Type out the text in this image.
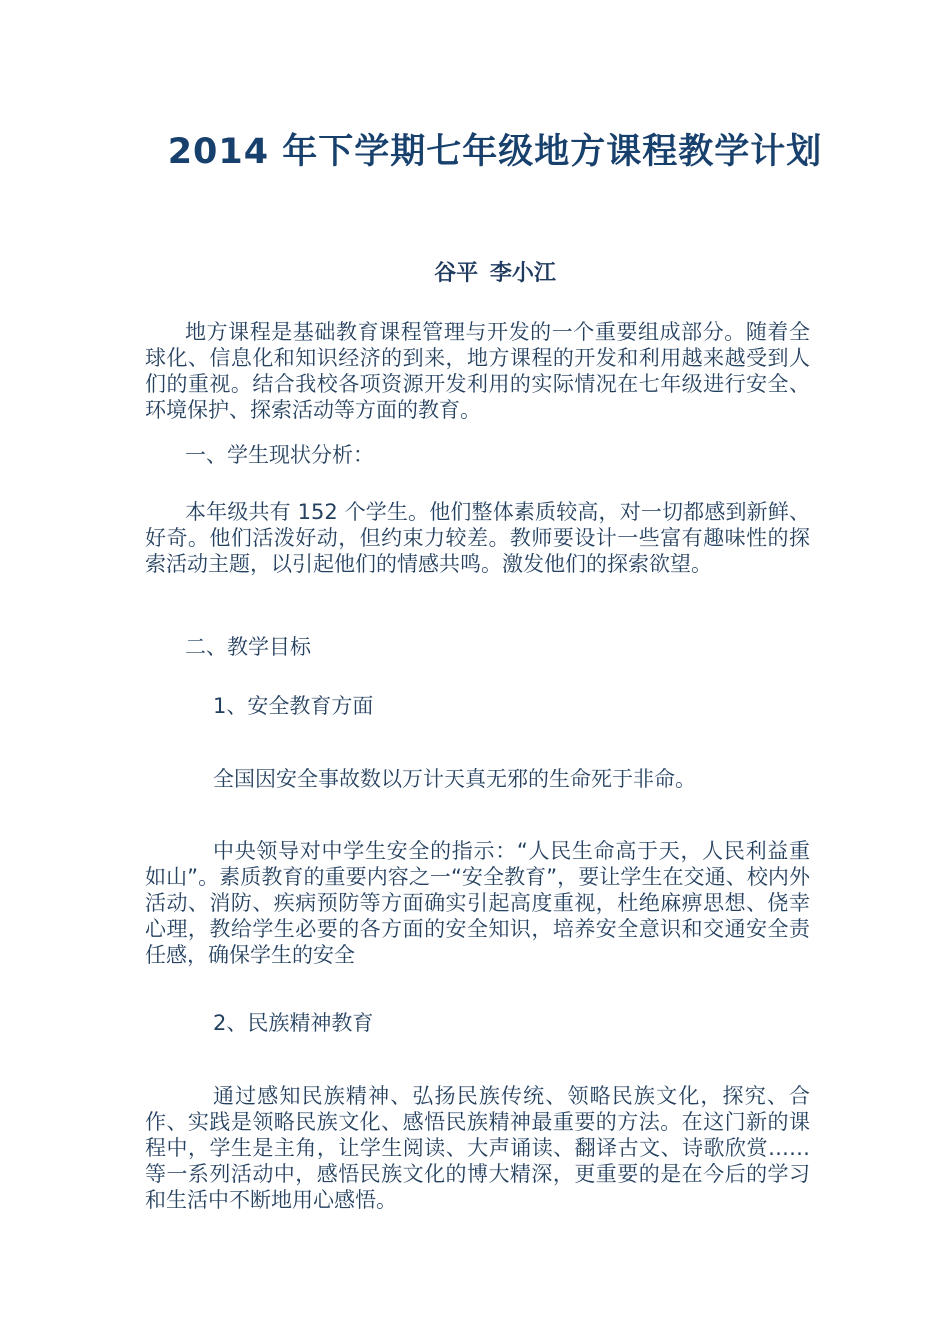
2014 年下学期七年级地方课程教学计划
谷平 李小江

地方课程是基础教育课程管理与开发的一个重要组成部分。随着全球化、信息化和知识经济的到来，地方课程的开发和利用越来越受到人们的重视。结合我校各项资源开发利用的实际情况在七年级进行安全、环境保护、探索活动等方面的教育。

一、学生现状分析：

本年级共有 152 个学生。他们整体素质较高，对一切都感到新鲜、好奇。他们活泼好动，但约束力较差。教师要设计一些富有趣味性的探索活动主题，以引起他们的情感共鸣。激发他们的探索欲望。

二、教学目标

1、安全教育方面

全国因安全事故数以万计天真无邪的生命死于非命。

中央领导对中学生安全的指示：“人民生命高于天，人民利益重如山”。素质教育的重要内容之一“安全教育”，要让学生在交通、校内外活动、消防、疾病预防等方面确实引起高度重视，杜绝麻痹思想、侥幸心理，教给学生必要的各方面的安全知识，培养安全意识和交通安全责任感，确保学生的安全

2、民族精神教育

通过感知民族精神、弘扬民族传统、领略民族文化，探究、合作、实践是领略民族文化、感悟民族精神最重要的方法。在这门新的课程中，学生是主角，让学生阅读、大声诵读、翻译古文、诗歌欣赏……等一系列活动中，感悟民族文化的博大精深，更重要的是在今后的学习和生活中不断地用心感悟。
